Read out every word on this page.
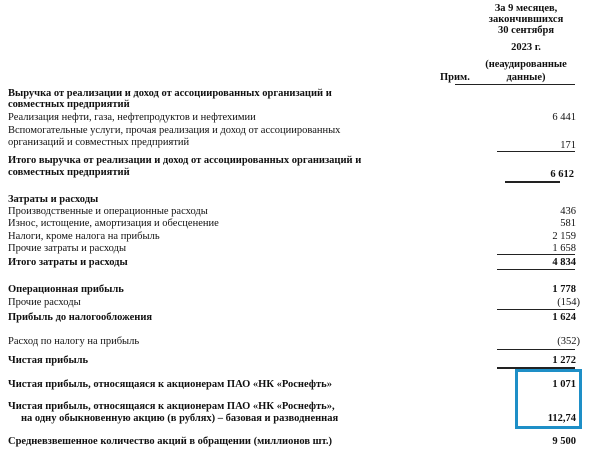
За 9 месяцев,
закончившихся
30 сентября
2023 г.
(неаудированные
данные)
Прим.
Выручка от реализации и доход от ассоциированных организаций и
совместных предприятий
Реализация нефти, газа, нефтепродуктов и нефтехимии	6 441
Вспомогательные услуги, прочая реализация и доход от ассоциированных
организаций и совместных предприятий	171
Итого выручка от реализации и доход от ассоциированных организаций и
совместных предприятий	6 612
Затраты и расходы
Производственные и операционные расходы	436
Износ, истощение, амортизация и обесценение	581
Налоги, кроме налога на прибыль	2 159
Прочие затраты и расходы	1 658
Итого затраты и расходы	4 834
Операционная прибыль	1 778
Прочие расходы	(154)
Прибыль до налогообложения	1 624
Расход по налогу на прибыль	(352)
Чистая прибыль	1 272
Чистая прибыль, относящаяся к акционерам ПАО «НК «Роснефть»	1 071
Чистая прибыль, относящаяся к акционерам ПАО «НК «Роснефть»,
на одну обыкновенную акцию (в рублях) – базовая и разводненная	112,74
Средневзвешенное количество акций в обращении (миллионов шт.)	9 500
